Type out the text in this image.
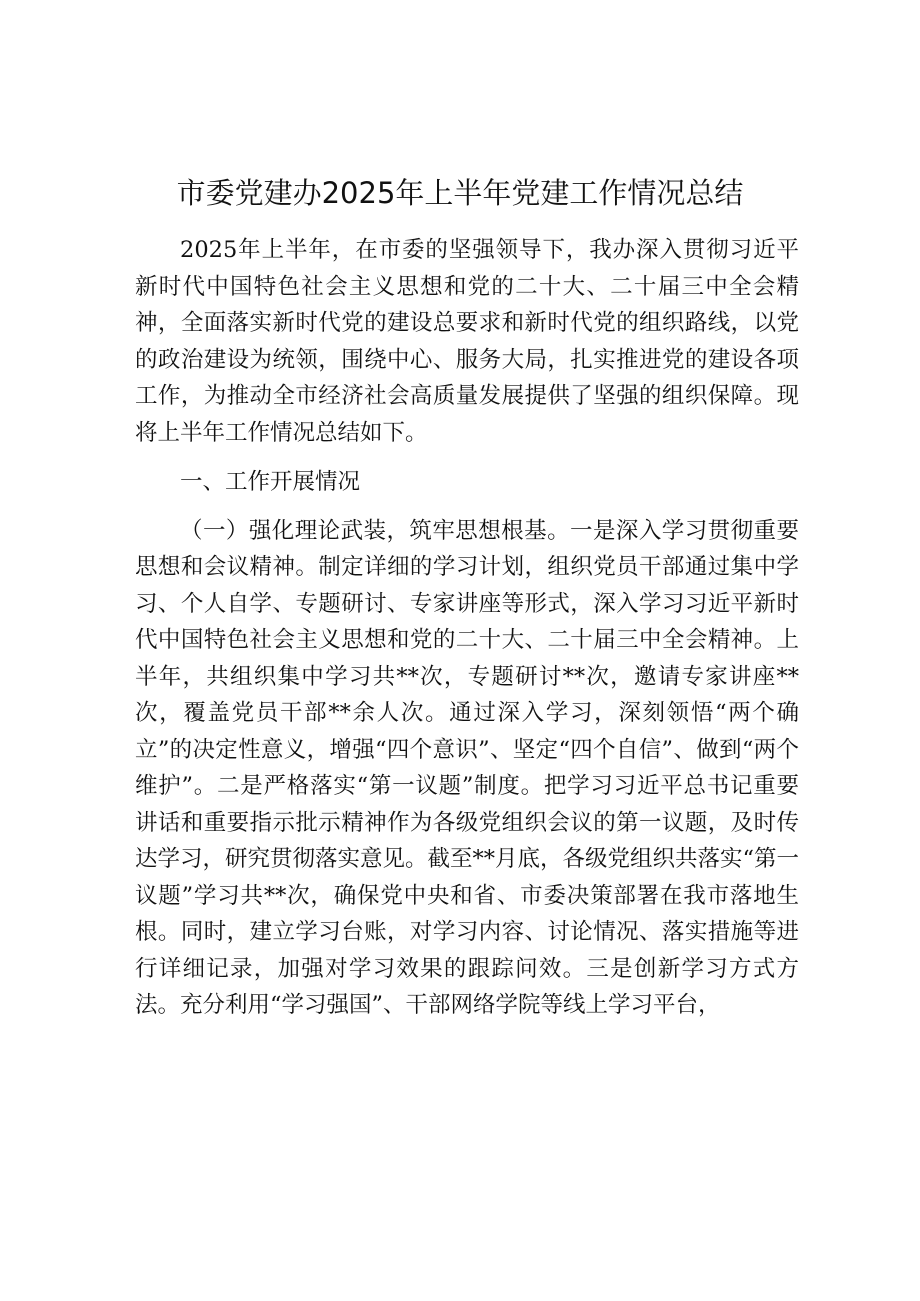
市委党建办2025年上半年党建工作情况总结

2025年上半年，在市委的坚强领导下，我办深入贯彻习近平新时代中国特色社会主义思想和党的二十大、二十届三中全会精神，全面落实新时代党的建设总要求和新时代党的组织路线，以党的政治建设为统领，围绕中心、服务大局，扎实推进党的建设各项工作，为推动全市经济社会高质量发展提供了坚强的组织保障。现将上半年工作情况总结如下。

一、工作开展情况

（一）强化理论武装，筑牢思想根基。一是深入学习贯彻重要思想和会议精神。制定详细的学习计划，组织党员干部通过集中学习、个人自学、专题研讨、专家讲座等形式，深入学习习近平新时代中国特色社会主义思想和党的二十大、二十届三中全会精神。上半年，共组织集中学习共**次，专题研讨**次，邀请专家讲座**次，覆盖党员干部**余人次。通过深入学习，深刻领悟“两个确立”的决定性意义，增强“四个意识”、坚定“四个自信”、做到“两个维护”。二是严格落实“第一议题”制度。把学习习近平总书记重要讲话和重要指示批示精神作为各级党组织会议的第一议题，及时传达学习，研究贯彻落实意见。截至**月底，各级党组织共落实“第一议题”学习共**次，确保党中央和省、市委决策部署在我市落地生根。同时，建立学习台账，对学习内容、讨论情况、落实措施等进行详细记录，加强对学习效果的跟踪问效。三是创新学习方式方法。充分利用“学习强国”、干部网络学院等线上学习平台，
